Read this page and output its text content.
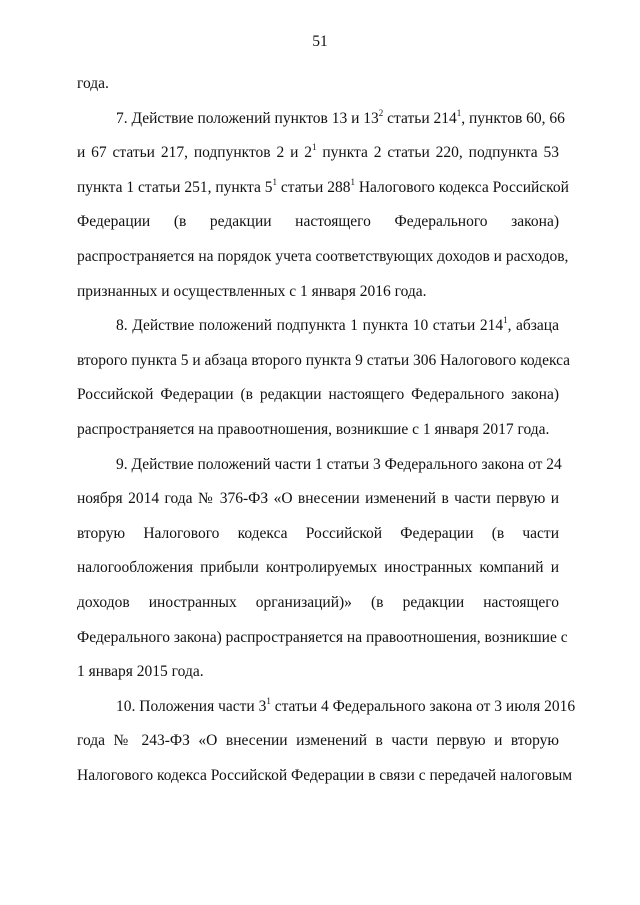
51
года.
7. Действие положений пунктов 13 и $13^2$ статьи $214^1$, пунктов 60, 66
и 67 статьи 217, подпунктов 2 и $2^1$ пункта 2 статьи 220, подпункта 53
пункта 1 статьи 251, пункта $5^1$ статьи $288^1$ Налогового кодекса Российской
Федерации (в редакции настоящего Федерального закона)
распространяется на порядок учета соответствующих доходов и расходов,
признанных и осуществленных с 1 января 2016 года.
8. Действие положений подпункта 1 пункта 10 статьи $214^1$, абзаца
второго пункта 5 и абзаца второго пункта 9 статьи 306 Налогового кодекса
Российской Федерации (в редакции настоящего Федерального закона)
распространяется на правоотношения, возникшие с 1 января 2017 года.
9. Действие положений части 1 статьи 3 Федерального закона от 24
ноября 2014 года № 376-ФЗ «О внесении изменений в части первую и
вторую Налогового кодекса Российской Федерации (в части
налогообложения прибыли контролируемых иностранных компаний и
доходов иностранных организаций)» (в редакции настоящего
Федерального закона) распространяется на правоотношения, возникшие с
1 января 2015 года.
10. Положения части $3^1$ статьи 4 Федерального закона от 3 июля 2016
года № 243-ФЗ «О внесении изменений в части первую и вторую
Налогового кодекса Российской Федерации в связи с передачей налоговым
